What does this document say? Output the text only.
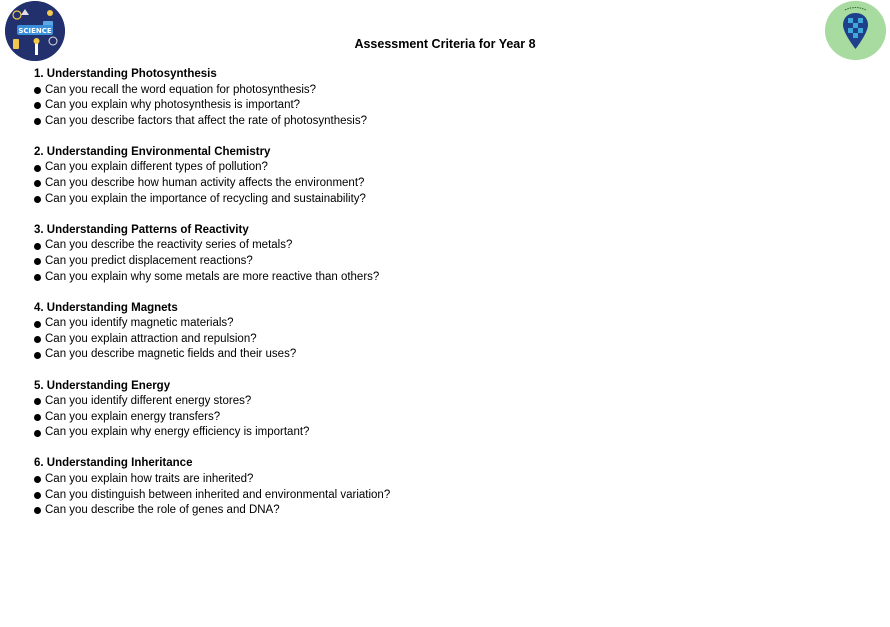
SCIENCE
Assessment Criteria for Year 8
1. Understanding Photosynthesis
Can you recall the word equation for photosynthesis?
Can you explain why photosynthesis is important?
Can you describe factors that affect the rate of photosynthesis?
2. Understanding Environmental Chemistry
Can you explain different types of pollution?
Can you describe how human activity affects the environment?
Can you explain the importance of recycling and sustainability?
3. Understanding Patterns of Reactivity
Can you describe the reactivity series of metals?
Can you predict displacement reactions?
Can you explain why some metals are more reactive than others?
4. Understanding Magnets
Can you identify magnetic materials?
Can you explain attraction and repulsion?
Can you describe magnetic fields and their uses?
5. Understanding Energy
Can you identify different energy stores?
Can you explain energy transfers?
Can you explain why energy efficiency is important?
6. Understanding Inheritance
Can you explain how traits are inherited?
Can you distinguish between inherited and environmental variation?
Can you describe the role of genes and DNA?
